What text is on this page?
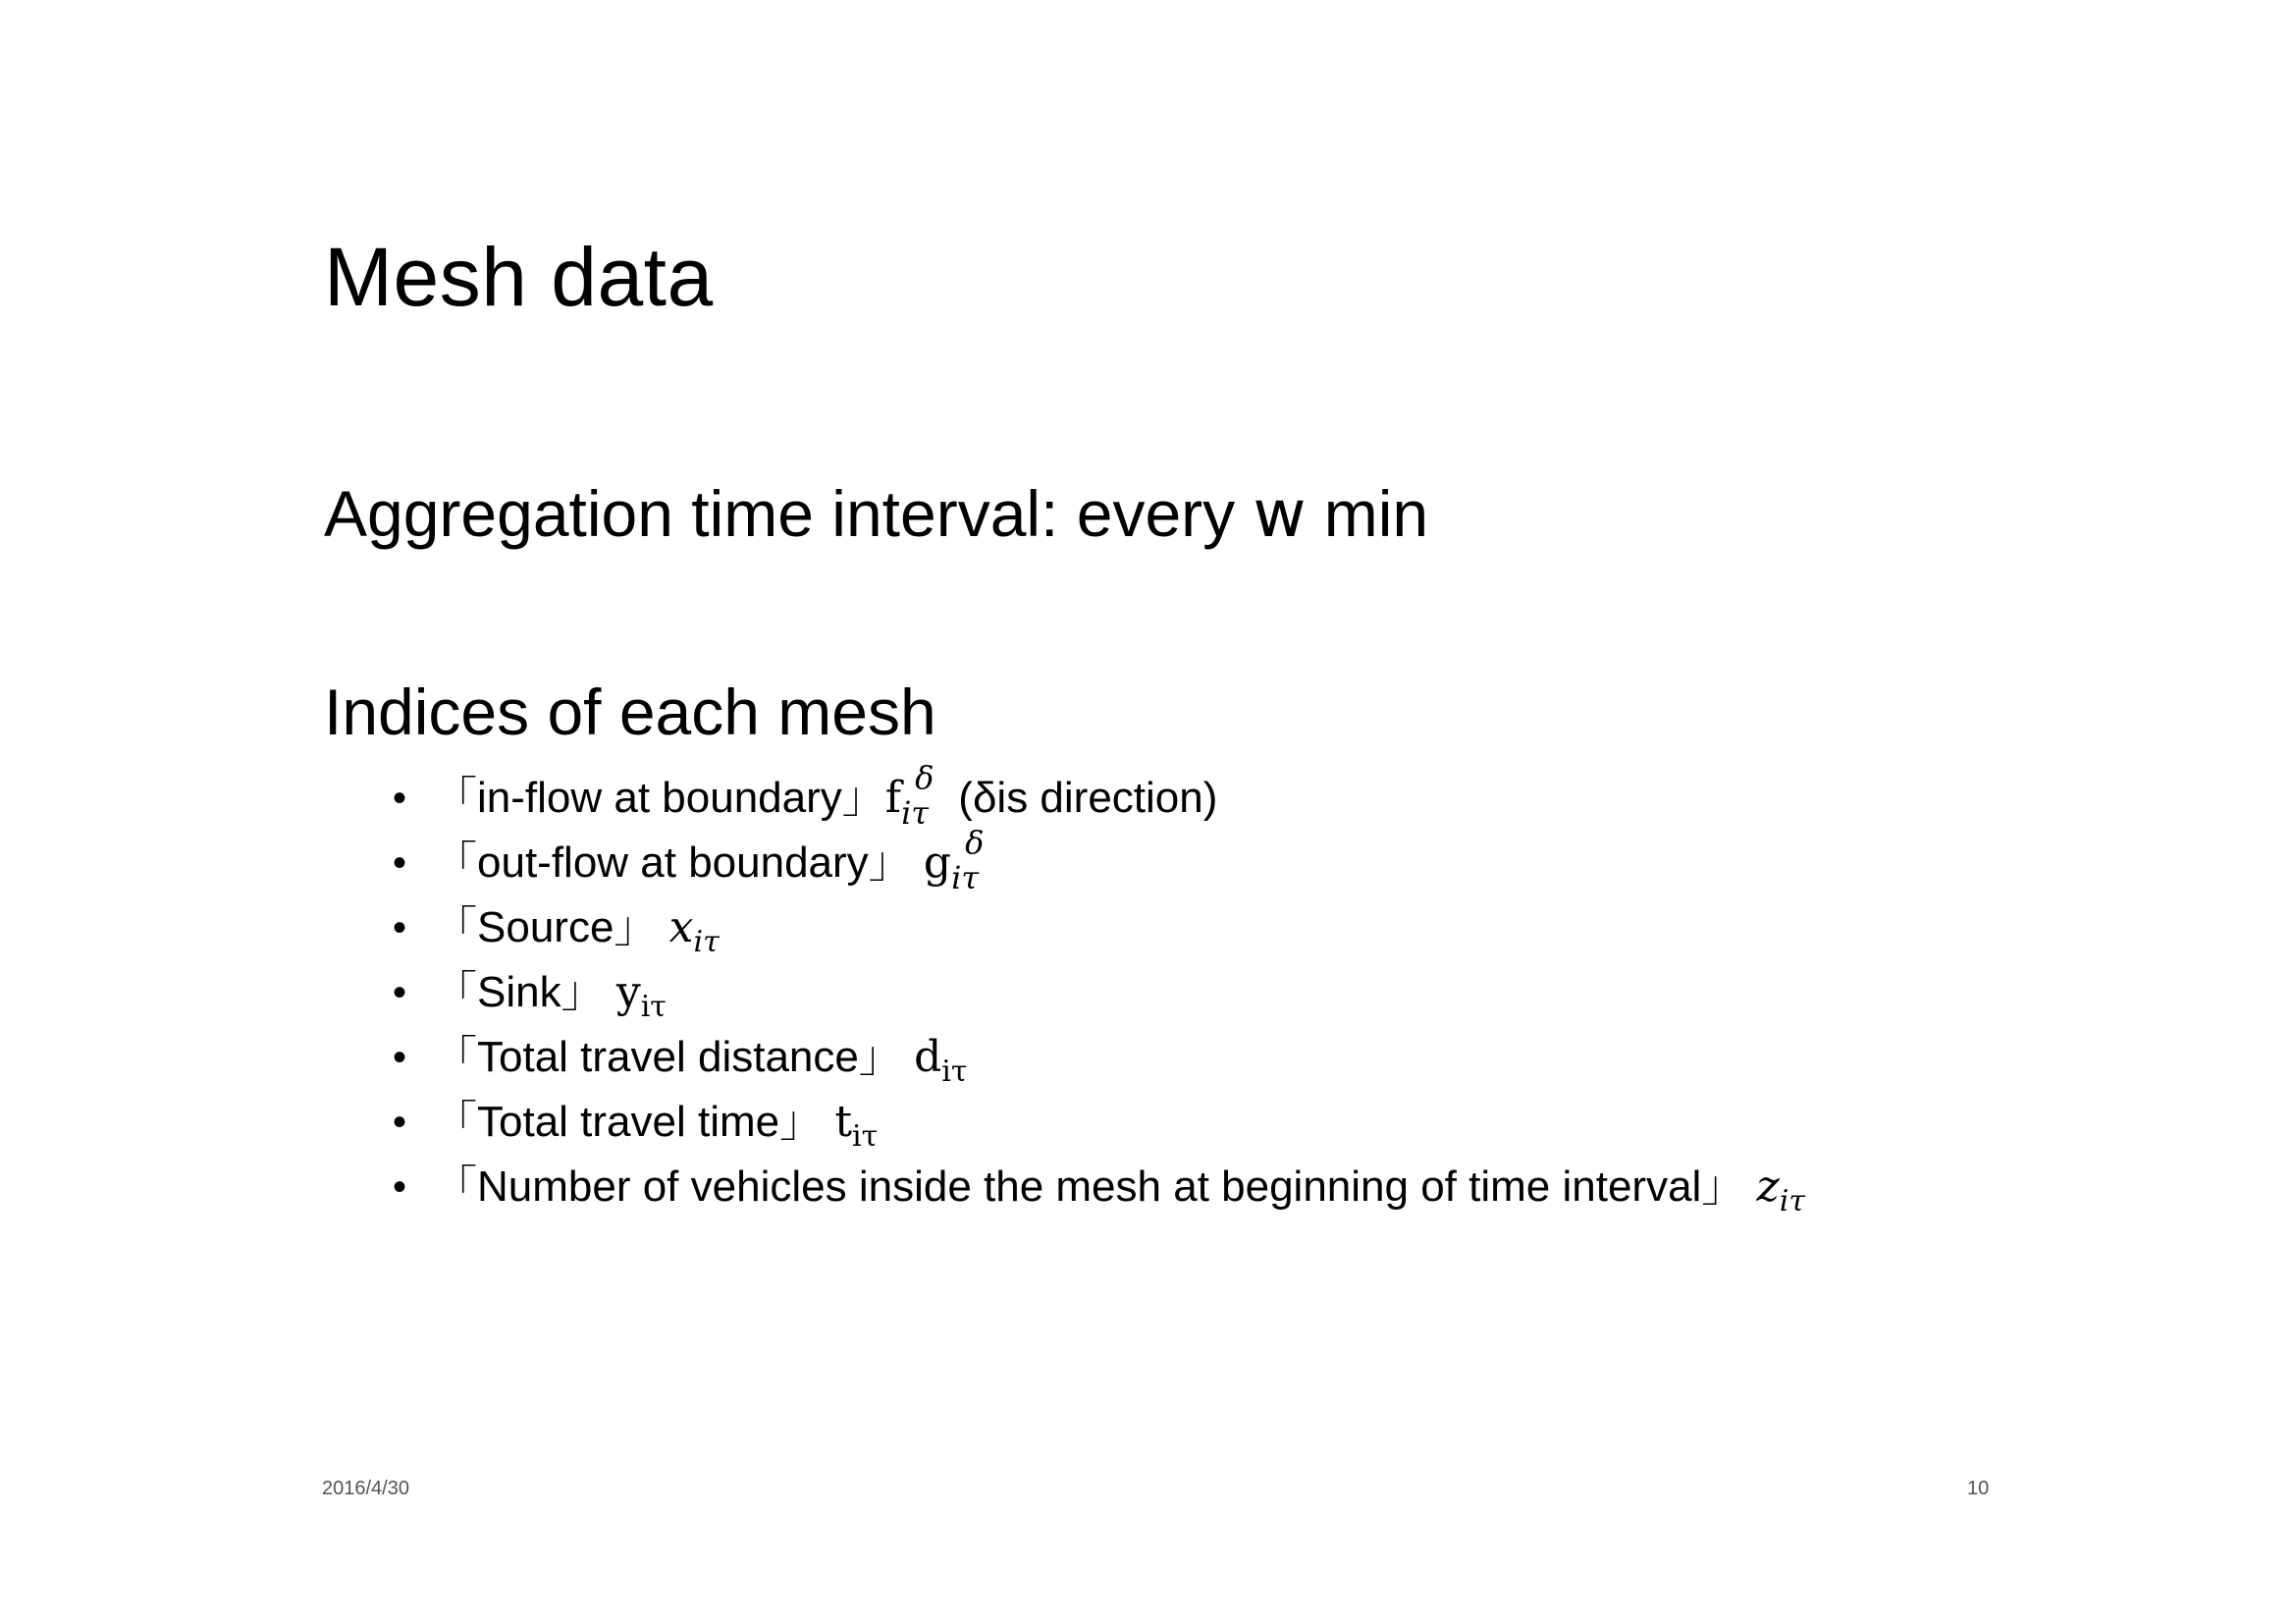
Mesh data
Aggregation time interval: every w min
Indices of each mesh
• 「in-flow at boundary」f δ
iτ (δis direction)
• 「out-flow at boundary」 g δ
iτ
• 「Source」 $x_{i\tau}$
• 「Sink」 $y_{i\tau}$
• 「Total travel distance」 $d_{i\tau}$
• 「Total travel time」 $t_{i\tau}$
• 「Number of vehicles inside the mesh at beginning of time interval」 $z_{i\tau}$
2016/4/30	10
